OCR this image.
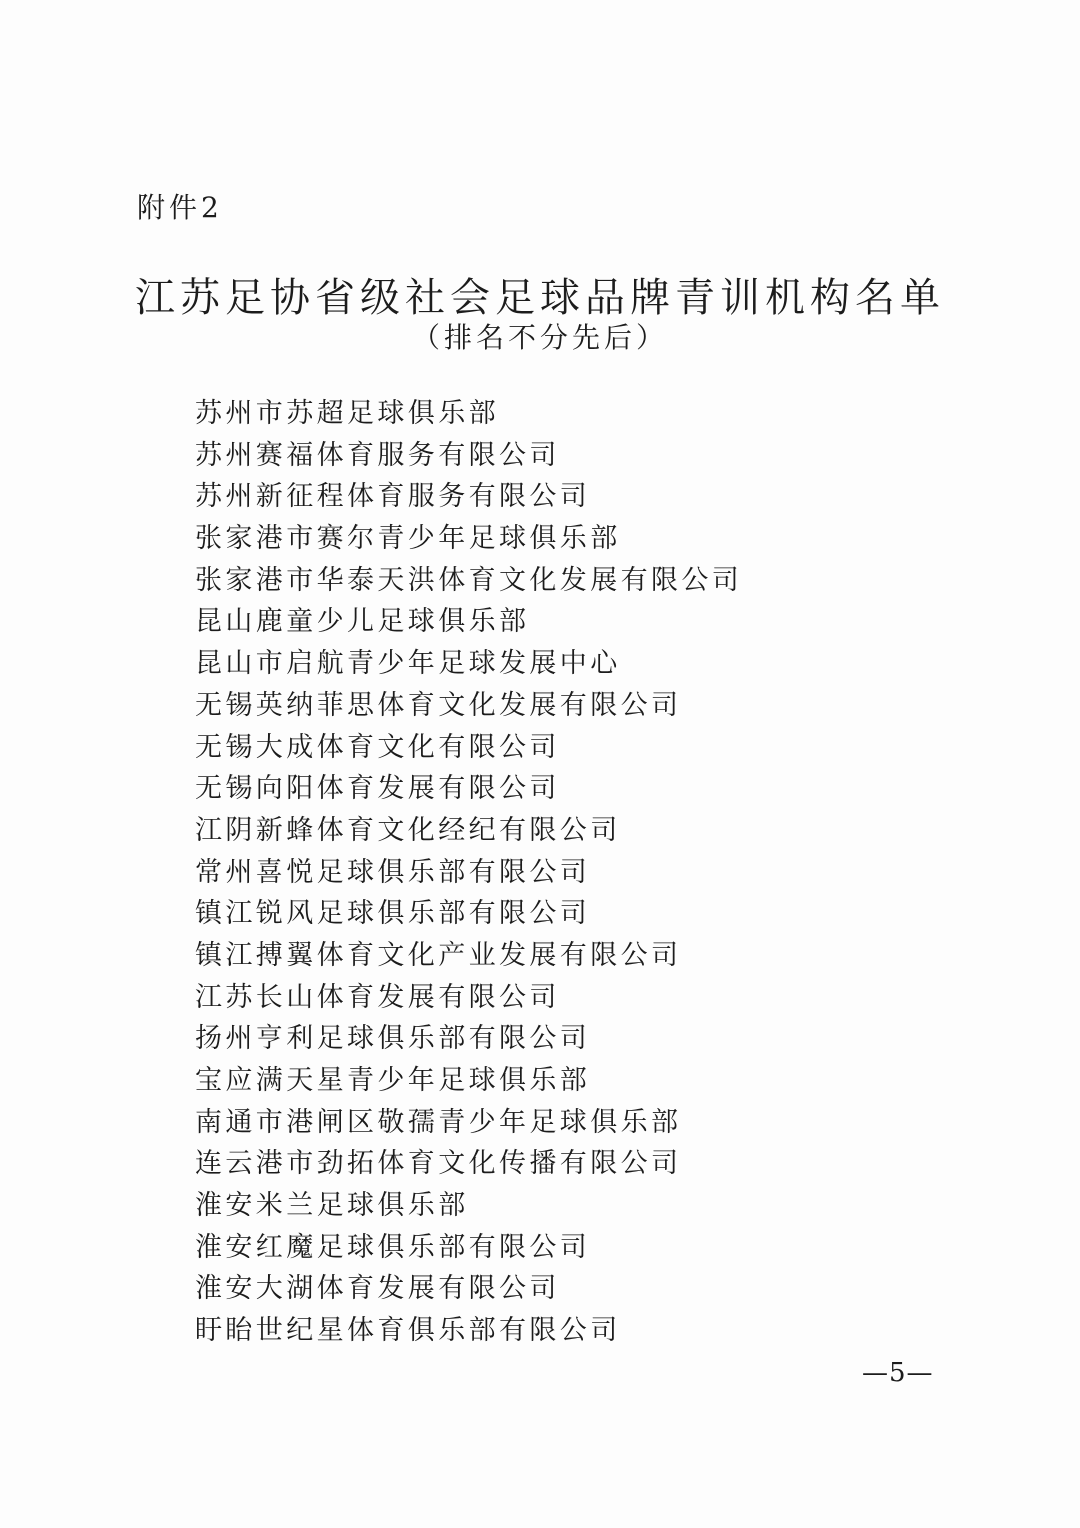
附件2
江苏足协省级社会足球品牌青训机构名单
（排名不分先后）
苏州市苏超足球俱乐部
苏州赛福体育服务有限公司
苏州新征程体育服务有限公司
张家港市赛尔青少年足球俱乐部
张家港市华泰天洪体育文化发展有限公司
昆山鹿童少儿足球俱乐部
昆山市启航青少年足球发展中心
无锡英纳菲思体育文化发展有限公司
无锡大成体育文化有限公司
无锡向阳体育发展有限公司
江阴新蜂体育文化经纪有限公司
常州喜悦足球俱乐部有限公司
镇江锐风足球俱乐部有限公司
镇江搏翼体育文化产业发展有限公司
江苏长山体育发展有限公司
扬州亨利足球俱乐部有限公司
宝应满天星青少年足球俱乐部
南通市港闸区敬孺青少年足球俱乐部
连云港市劲拓体育文化传播有限公司
淮安米兰足球俱乐部
淮安红魔足球俱乐部有限公司
淮安大湖体育发展有限公司
盱眙世纪星体育俱乐部有限公司
—5—
